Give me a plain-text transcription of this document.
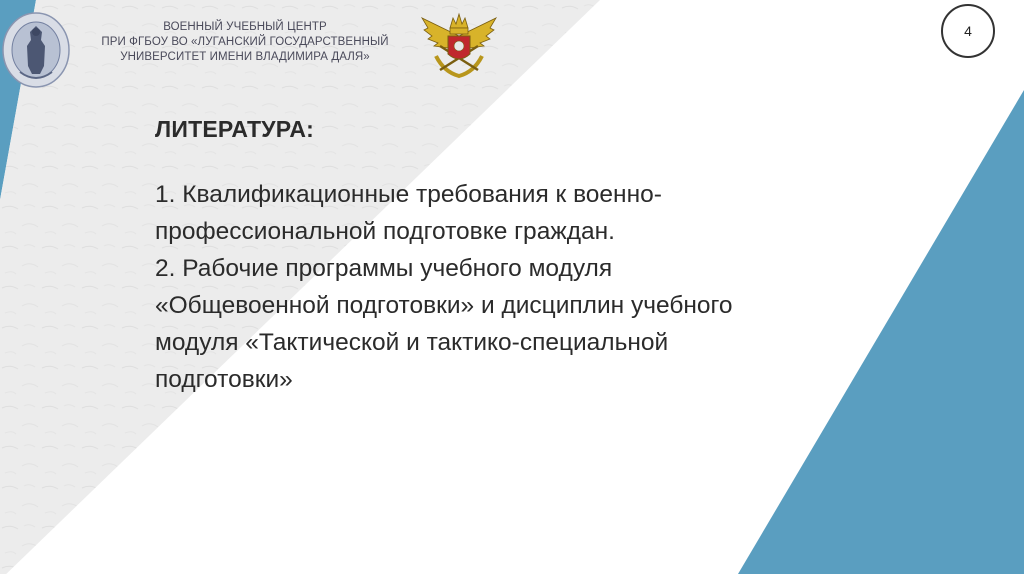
ВОЕННЫЙ УЧЕБНЫЙ ЦЕНТР
ПРИ ФГБОУ ВО «ЛУГАНСКИЙ ГОСУДАРСТВЕННЫЙ
УНИВЕРСИТЕТ ИМЕНИ ВЛАДИМИРА ДАЛЯ»
4
ЛИТЕРАТУРА:
1. Квалификационные требования к военно-
профессиональной подготовке граждан.
2. Рабочие программы учебного модуля
«Общевоенной подготовки» и дисциплин учебного
модуля «Тактической и тактико-специальной
подготовки»
